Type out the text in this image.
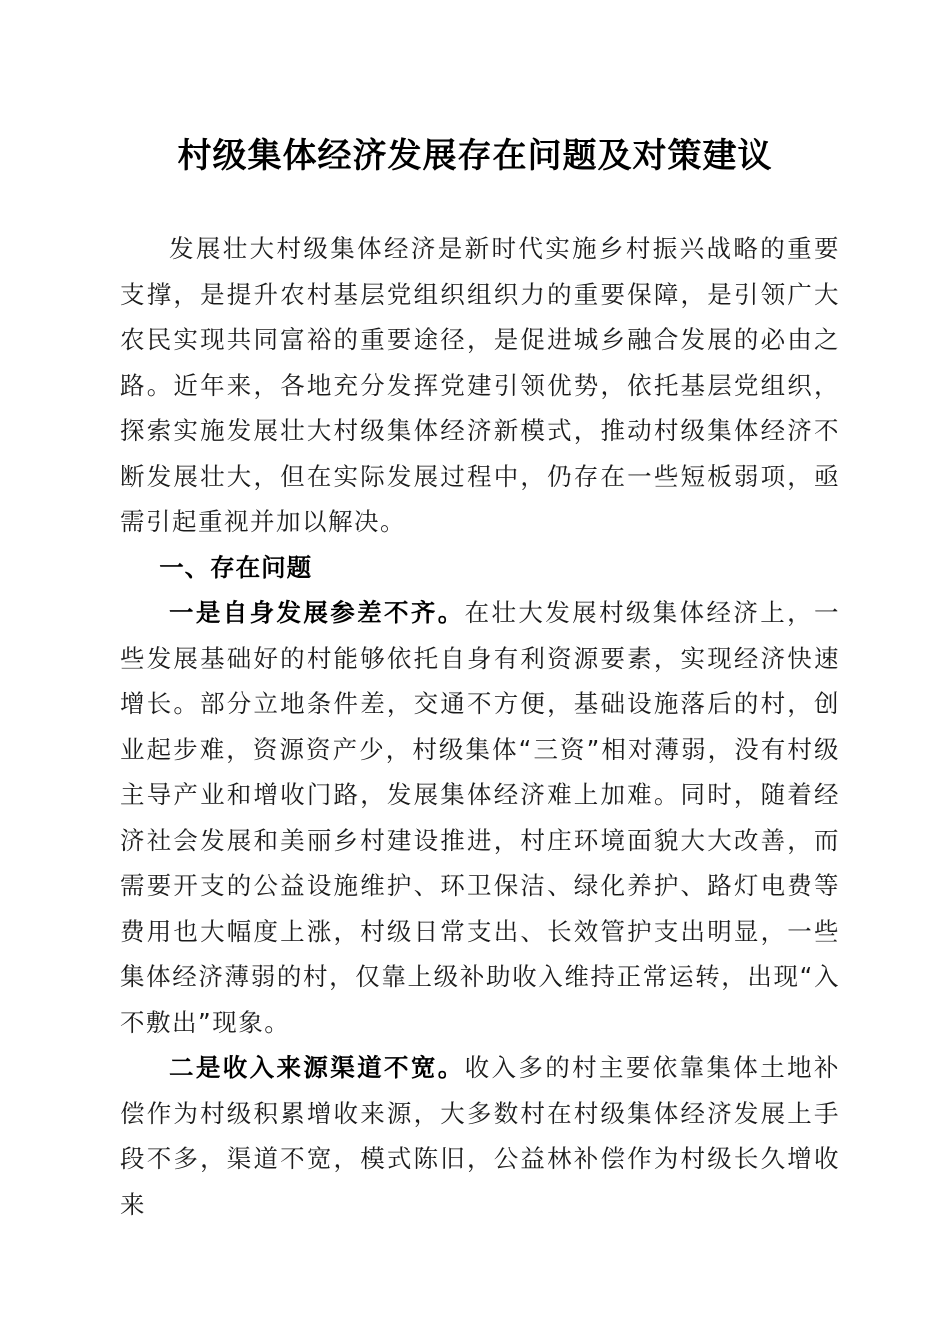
村级集体经济发展存在问题及对策建议

发展壮大村级集体经济是新时代实施乡村振兴战略的重要支撑，是提升农村基层党组织组织力的重要保障，是引领广大农民实现共同富裕的重要途径，是促进城乡融合发展的必由之路。近年来，各地充分发挥党建引领优势，依托基层党组织，探索实施发展壮大村级集体经济新模式，推动村级集体经济不断发展壮大，但在实际发展过程中，仍存在一些短板弱项，亟需引起重视并加以解决。

一、存在问题

一是自身发展参差不齐。在壮大发展村级集体经济上，一些发展基础好的村能够依托自身有利资源要素，实现经济快速增长。部分立地条件差，交通不方便，基础设施落后的村，创业起步难，资源资产少，村级集体“三资”相对薄弱，没有村级主导产业和增收门路，发展集体经济难上加难。同时，随着经济社会发展和美丽乡村建设推进，村庄环境面貌大大改善，而需要开支的公益设施维护、环卫保洁、绿化养护、路灯电费等费用也大幅度上涨，村级日常支出、长效管护支出明显，一些集体经济薄弱的村，仅靠上级补助收入维持正常运转，出现“入不敷出”现象。

二是收入来源渠道不宽。收入多的村主要依靠集体土地补偿作为村级积累增收来源，大多数村在村级集体经济发展上手段不多，渠道不宽，模式陈旧，公益林补偿作为村级长久增收来
